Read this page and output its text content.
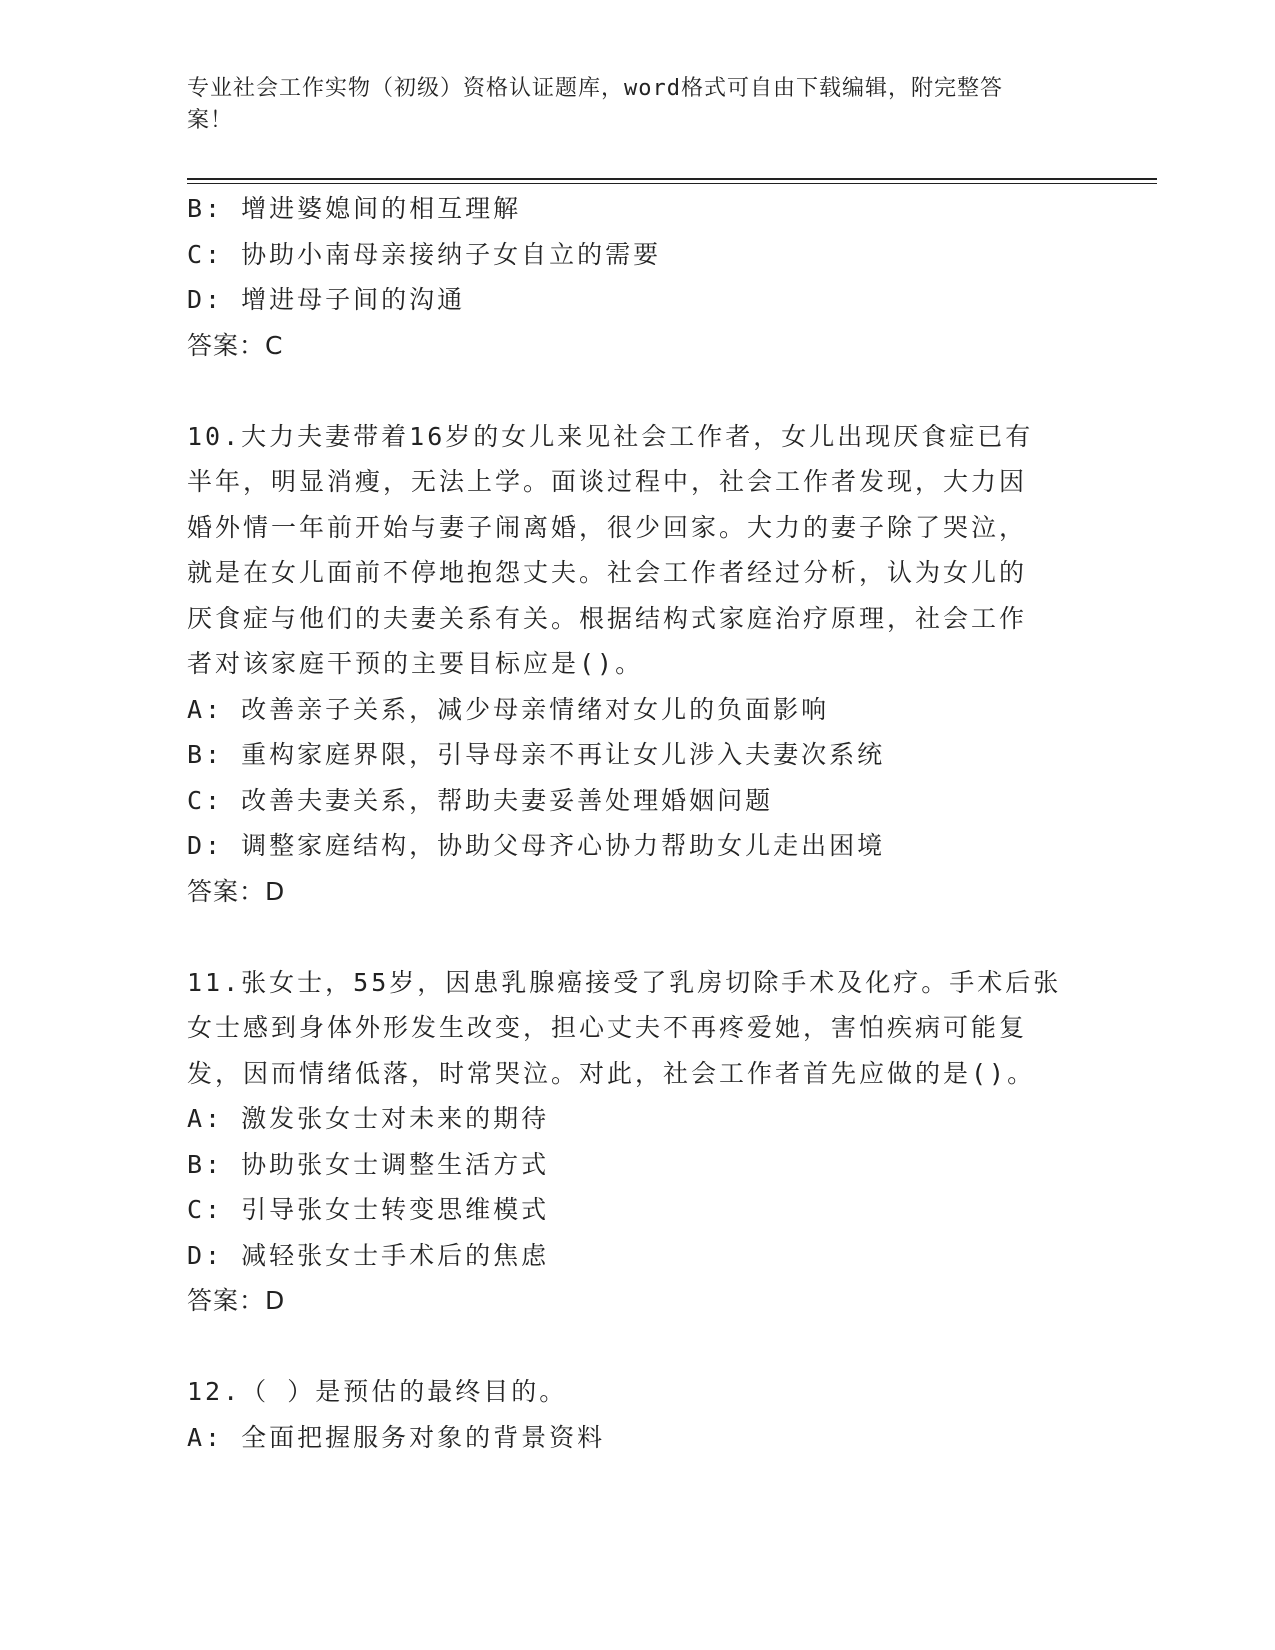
专业社会工作实物（初级）资格认证题库，word格式可自由下载编辑，附完整答
案！
B: 增进婆媳间的相互理解
C: 协助小南母亲接纳子女自立的需要
D: 增进母子间的沟通
答案：C
10.大力夫妻带着16岁的女儿来见社会工作者，女儿出现厌食症已有
半年，明显消瘦，无法上学。面谈过程中，社会工作者发现，大力因
婚外情一年前开始与妻子闹离婚，很少回家。大力的妻子除了哭泣，
就是在女儿面前不停地抱怨丈夫。社会工作者经过分析，认为女儿的
厌食症与他们的夫妻关系有关。根据结构式家庭治疗原理，社会工作
者对该家庭干预的主要目标应是()。
A: 改善亲子关系，减少母亲情绪对女儿的负面影响
B: 重构家庭界限，引导母亲不再让女儿涉入夫妻次系统
C: 改善夫妻关系，帮助夫妻妥善处理婚姻问题
D: 调整家庭结构，协助父母齐心协力帮助女儿走出困境
答案：D
11.张女士，55岁，因患乳腺癌接受了乳房切除手术及化疗。手术后张
女士感到身体外形发生改变，担心丈夫不再疼爱她，害怕疾病可能复
发，因而情绪低落，时常哭泣。对此，社会工作者首先应做的是()。
A: 激发张女士对未来的期待
B: 协助张女士调整生活方式
C: 引导张女士转变思维模式
D: 减轻张女士手术后的焦虑
答案：D
12.（ ）是预估的最终目的。
A: 全面把握服务对象的背景资料
